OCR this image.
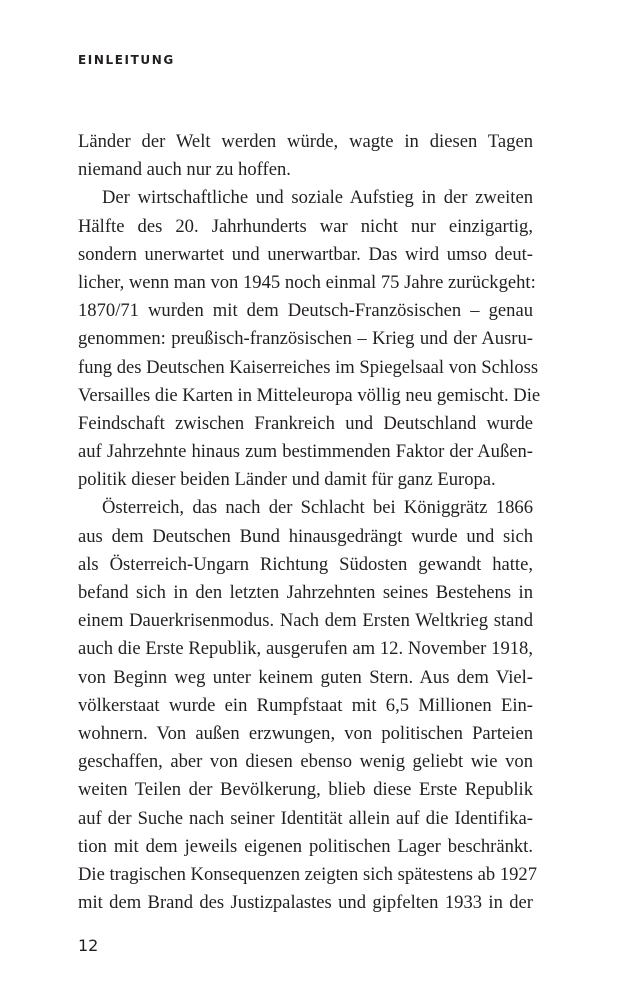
EINLEITUNG
Länder der Welt werden würde, wagte in diesen Tagen
niemand auch nur zu hoffen.
Der wirtschaftliche und soziale Aufstieg in der zweiten
Hälfte des 20. Jahrhunderts war nicht nur einzigartig,
sondern unerwartet und unerwartbar. Das wird umso deut-
licher, wenn man von 1945 noch einmal 75 Jahre zurückgeht:
1870/71 wurden mit dem Deutsch-Französischen – genau
genommen: preußisch-französischen – Krieg und der Ausru-
fung des Deutschen Kaiserreiches im Spiegelsaal von Schloss
Versailles die Karten in Mitteleuropa völlig neu gemischt. Die
Feindschaft zwischen Frankreich und Deutschland wurde
auf Jahrzehnte hinaus zum bestimmenden Faktor der Außen-
politik dieser beiden Länder und damit für ganz Europa.
Österreich, das nach der Schlacht bei Königgrätz 1866
aus dem Deutschen Bund hinausgedrängt wurde und sich
als Österreich-Ungarn Richtung Südosten gewandt hatte,
befand sich in den letzten Jahrzehnten seines Bestehens in
einem Dauerkrisenmodus. Nach dem Ersten Weltkrieg stand
auch die Erste Republik, ausgerufen am 12. November 1918,
von Beginn weg unter keinem guten Stern. Aus dem Viel-
völkerstaat wurde ein Rumpfstaat mit 6,5 Millionen Ein-
wohnern. Von außen erzwungen, von politischen Parteien
geschaffen, aber von diesen ebenso wenig geliebt wie von
weiten Teilen der Bevölkerung, blieb diese Erste Republik
auf der Suche nach seiner Identität allein auf die Identifika-
tion mit dem jeweils eigenen politischen Lager beschränkt.
Die tragischen Konsequenzen zeigten sich spätestens ab 1927
mit dem Brand des Justizpalastes und gipfelten 1933 in der

12
